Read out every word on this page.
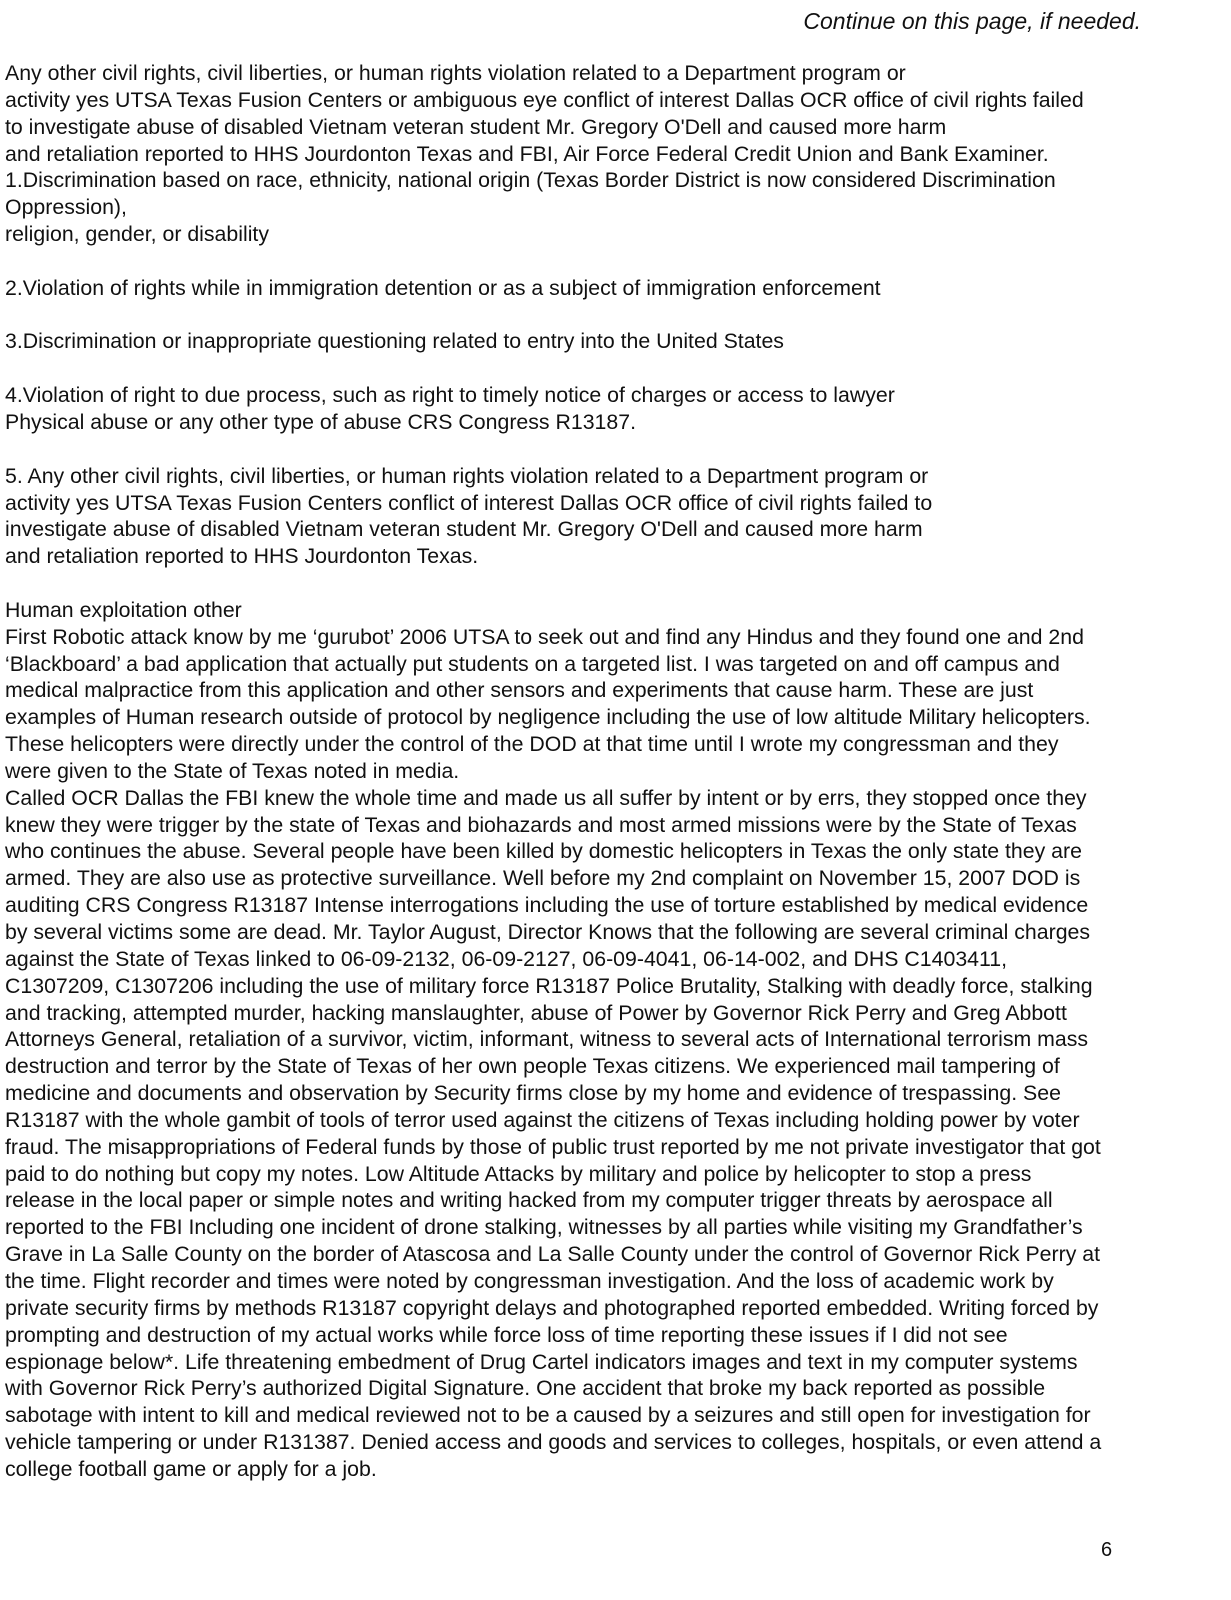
Continue on this page, if needed.
Any other civil rights, civil liberties, or human rights violation related to a Department program or
activity yes UTSA Texas Fusion Centers or ambiguous eye conflict of interest Dallas OCR office of civil rights failed
to investigate abuse of disabled Vietnam veteran student Mr. Gregory O'Dell and caused more harm
and retaliation reported to HHS Jourdonton Texas and FBI, Air Force Federal Credit Union and Bank Examiner.
1.Discrimination based on race, ethnicity, national origin (Texas Border District is now considered Discrimination
Oppression),
religion, gender, or disability
2.Violation of rights while in immigration detention or as a subject of immigration enforcement
3.Discrimination or inappropriate questioning related to entry into the United States
4.Violation of right to due process, such as right to timely notice of charges or access to lawyer
Physical abuse or any other type of abuse CRS Congress R13187.
5. Any other civil rights, civil liberties, or human rights violation related to a Department program or
activity yes UTSA Texas Fusion Centers conflict of interest Dallas OCR office of civil rights failed to
investigate abuse of disabled Vietnam veteran student Mr. Gregory O'Dell and caused more harm
and retaliation reported to HHS Jourdonton Texas.
Human exploitation other
First Robotic attack know by me ‘gurubot’ 2006 UTSA to seek out and find any Hindus and they found one and 2nd
‘Blackboard’ a bad application that actually put students on a targeted list. I was targeted on and off campus and
medical malpractice from this application and other sensors and experiments that cause harm. These are just
examples of Human research outside of protocol by negligence including the use of low altitude Military helicopters.
These helicopters were directly under the control of the DOD at that time until I wrote my congressman and they
were given to the State of Texas noted in media.
Called OCR Dallas the FBI knew the whole time and made us all suffer by intent or by errs, they stopped once they
knew they were trigger by the state of Texas and biohazards and most armed missions were by the State of Texas
who continues the abuse. Several people have been killed by domestic helicopters in Texas the only state they are
armed. They are also use as protective surveillance. Well before my 2nd complaint on November 15, 2007 DOD is
auditing CRS Congress R13187 Intense interrogations including the use of torture established by medical evidence
by several victims some are dead. Mr. Taylor August, Director Knows that the following are several criminal charges
against the State of Texas linked to 06-09-2132, 06-09-2127, 06-09-4041, 06-14-002, and DHS C1403411,
C1307209, C1307206 including the use of military force R13187 Police Brutality, Stalking with deadly force, stalking
and tracking, attempted murder, hacking manslaughter, abuse of Power by Governor Rick Perry and Greg Abbott
Attorneys General, retaliation of a survivor, victim, informant, witness to several acts of International terrorism mass
destruction and terror by the State of Texas of her own people Texas citizens. We experienced mail tampering of
medicine and documents and observation by Security firms close by my home and evidence of trespassing. See
R13187 with the whole gambit of tools of terror used against the citizens of Texas including holding power by voter
fraud. The misappropriations of Federal funds by those of public trust reported by me not private investigator that got
paid to do nothing but copy my notes. Low Altitude Attacks by military and police by helicopter to stop a press
release in the local paper or simple notes and writing hacked from my computer trigger threats by aerospace all
reported to the FBI Including one incident of drone stalking, witnesses by all parties while visiting my Grandfather’s
Grave in La Salle County on the border of Atascosa and La Salle County under the control of Governor Rick Perry at
the time. Flight recorder and times were noted by congressman investigation. And the loss of academic work by
private security firms by methods R13187 copyright delays and photographed reported embedded. Writing forced by
prompting and destruction of my actual works while force loss of time reporting these issues if I did not see
espionage below*. Life threatening embedment of Drug Cartel indicators images and text in my computer systems
with Governor Rick Perry’s authorized Digital Signature. One accident that broke my back reported as possible
sabotage with intent to kill and medical reviewed not to be a caused by a seizures and still open for investigation for
vehicle tampering or under R131387. Denied access and goods and services to colleges, hospitals, or even attend a
college football game or apply for a job.
6
